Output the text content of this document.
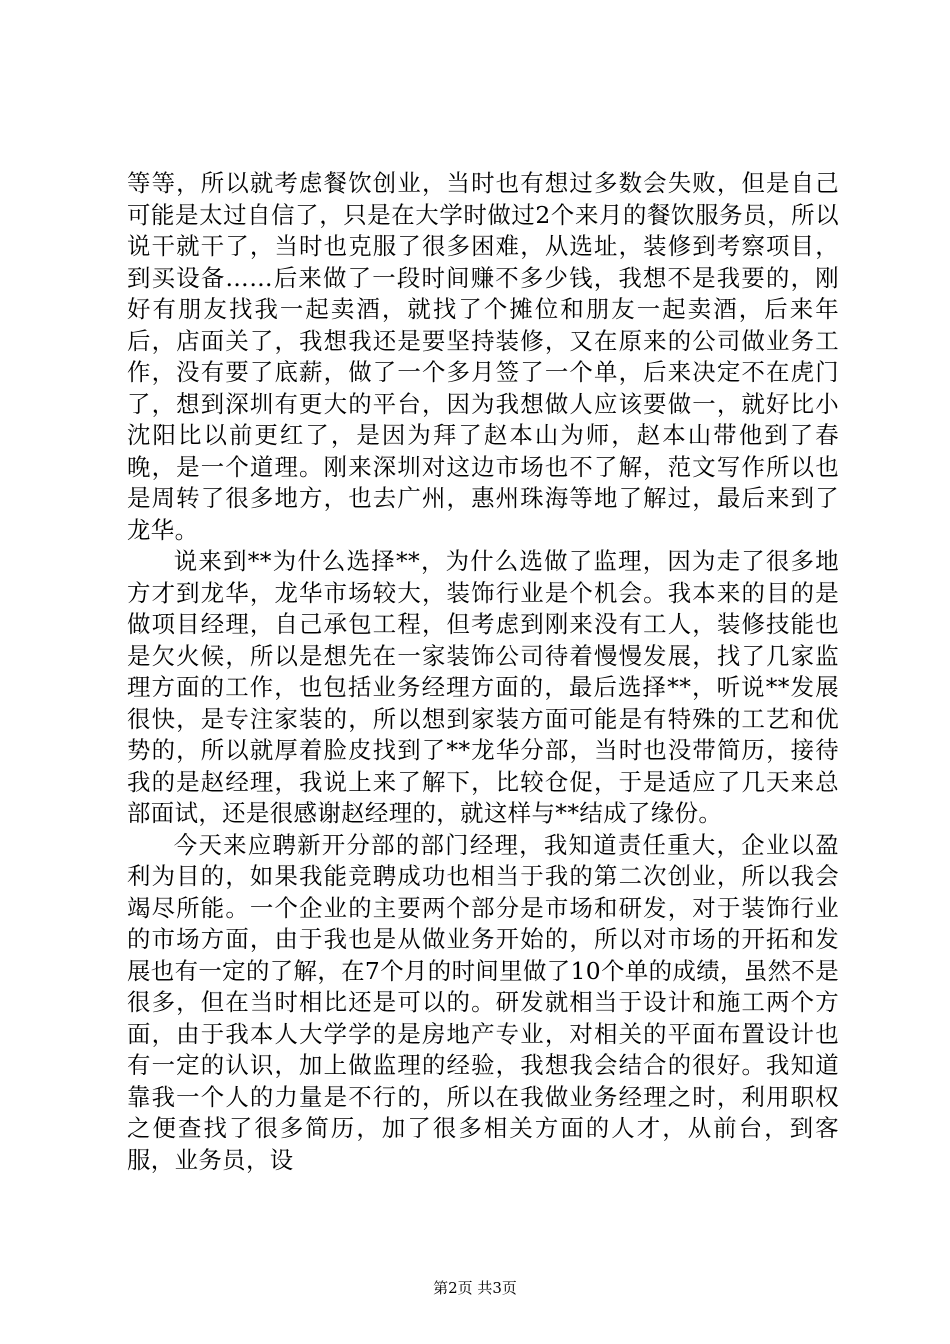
等等，所以就考虑餐饮创业，当时也有想过多数会失败，但是自己可能是太过自信了，只是在大学时做过2个来月的餐饮服务员，所以说干就干了，当时也克服了很多困难，从选址，装修到考察项目，到买设备……后来做了一段时间赚不多少钱，我想不是我要的，刚好有朋友找我一起卖酒，就找了个摊位和朋友一起卖酒，后来年后，店面关了，我想我还是要坚持装修，又在原来的公司做业务工作，没有要了底薪，做了一个多月签了一个单，后来决定不在虎门了，想到深圳有更大的平台，因为我想做人应该要做一，就好比小沈阳比以前更红了，是因为拜了赵本山为师，赵本山带他到了春晚，是一个道理。刚来深圳对这边市场也不了解，范文写作所以也是周转了很多地方，也去广州，惠州珠海等地了解过，最后来到了龙华。

说来到**为什么选择**，为什么选做了监理，因为走了很多地方才到龙华，龙华市场较大，装饰行业是个机会。我本来的目的是做项目经理，自己承包工程，但考虑到刚来没有工人，装修技能也是欠火候，所以是想先在一家装饰公司待着慢慢发展，找了几家监理方面的工作，也包括业务经理方面的，最后选择**，听说**发展很快，是专注家装的，所以想到家装方面可能是有特殊的工艺和优势的，所以就厚着脸皮找到了**龙华分部，当时也没带简历，接待我的是赵经理，我说上来了解下，比较仓促，于是适应了几天来总部面试，还是很感谢赵经理的，就这样与**结成了缘份。

今天来应聘新开分部的部门经理，我知道责任重大，企业以盈利为目的，如果我能竞聘成功也相当于我的第二次创业，所以我会竭尽所能。一个企业的主要两个部分是市场和研发，对于装饰行业的市场方面，由于我也是从做业务开始的，所以对市场的开拓和发展也有一定的了解，在7个月的时间里做了10个单的成绩，虽然不是很多，但在当时相比还是可以的。研发就相当于设计和施工两个方面，由于我本人大学学的是房地产专业，对相关的平面布置设计也有一定的认识，加上做监理的经验，我想我会结合的很好。我知道靠我一个人的力量是不行的，所以在我做业务经理之时，利用职权之便查找了很多简历，加了很多相关方面的人才，从前台，到客服，业务员，设

第2页 共3页
